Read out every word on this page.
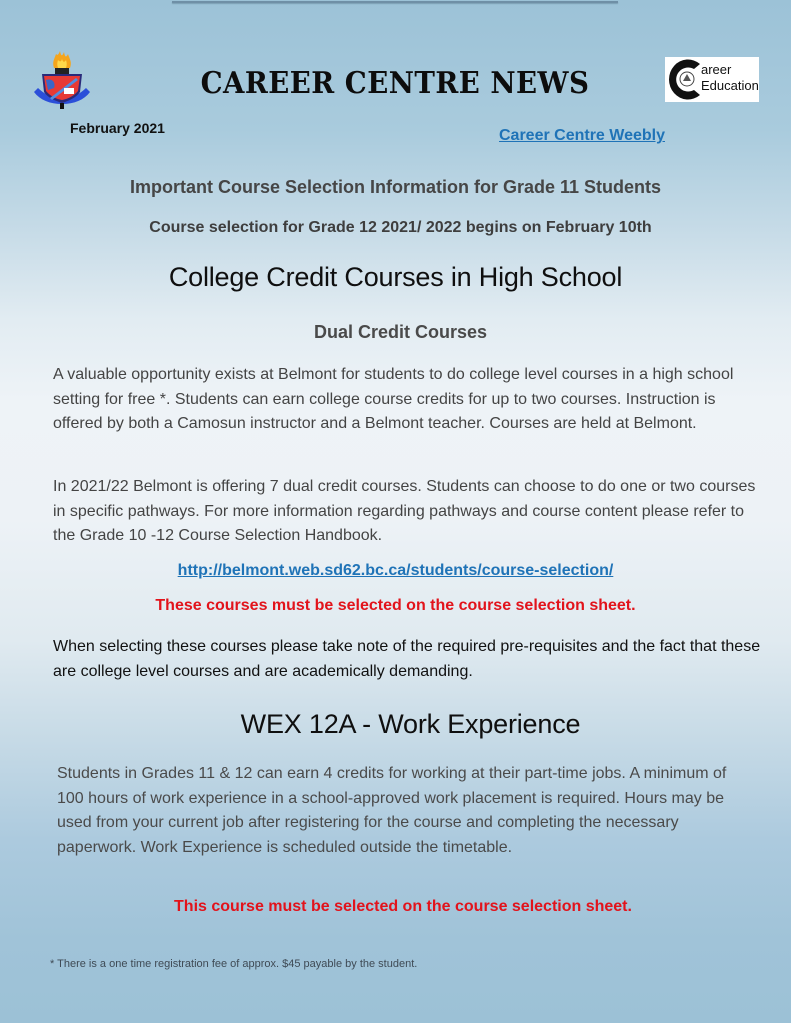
CAREER CENTRE NEWS
February 2021	Career Centre Weebly
areer
Education
Important Course Selection Information for Grade 11 Students
Course selection for Grade 12 2021/ 2022 begins on February 10th
College Credit Courses in High School
Dual Credit Courses
A valuable opportunity exists at Belmont for students to do college level courses in a high school setting for free *. Students can earn college course credits for up to two courses. Instruction is offered by both a Camosun instructor and a Belmont teacher. Courses are held at Belmont.
In 2021/22 Belmont is offering 7 dual credit courses. Students can choose to do one or two courses in specific pathways. For more information regarding pathways and course content please refer to the Grade 10 -12 Course Selection Handbook.
http://belmont.web.sd62.bc.ca/students/course-selection/
These courses must be selected on the course selection sheet.
When selecting these courses please take note of the required pre-requisites and the fact that these are college level courses and are academically demanding.
WEX 12A - Work Experience
Students in Grades 11 & 12 can earn 4 credits for working at their part-time jobs. A minimum of 100 hours of work experience in a school-approved work placement is required. Hours may be used from your current job after registering for the course and completing the necessary paperwork. Work Experience is scheduled outside the timetable.
This course must be selected on the course selection sheet.
* There is a one time registration fee of approx. $45 payable by the student.
